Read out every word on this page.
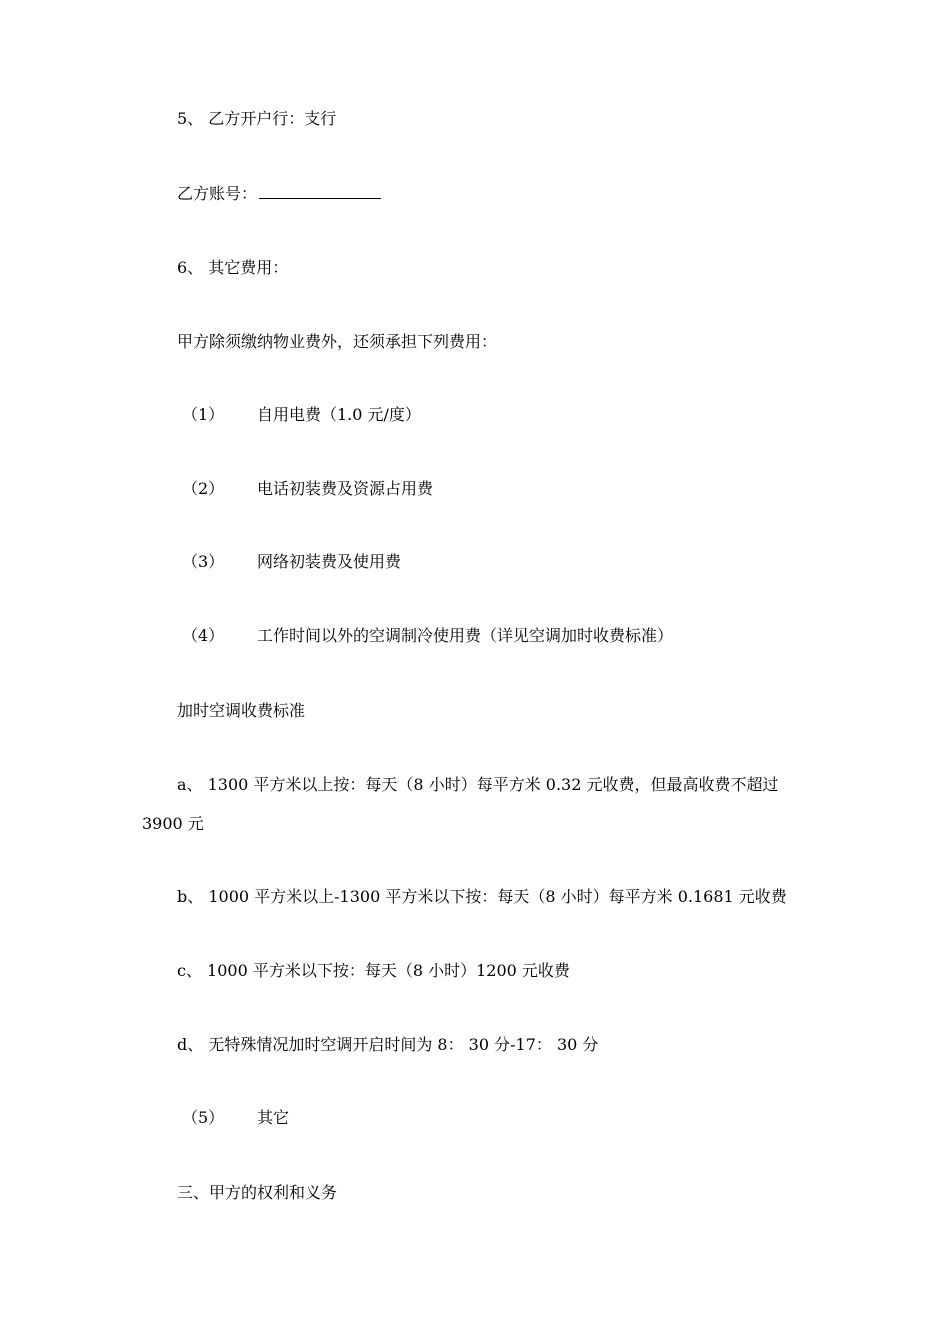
5、 乙方开户行：支行
乙方账号：
6、 其它费用：
甲方除须缴纳物业费外，还须承担下列费用：
（1） 自用电费（1.0 元/度）
（2） 电话初装费及资源占用费
（3） 网络初装费及使用费
（4） 工作时间以外的空调制冷使用费（详见空调加时收费标准）
加时空调收费标准
a、 1300 平方米以上按：每天（8 小时）每平方米 0.32 元收费，但最高收费不超过
3900 元
b、 1000 平方米以上-1300 平方米以下按：每天（8 小时）每平方米 0.1681 元收费
c、 1000 平方米以下按：每天（8 小时）1200 元收费
d、 无特殊情况加时空调开启时间为 8： 30 分-17： 30 分
（5） 其它
三、甲方的权利和义务
